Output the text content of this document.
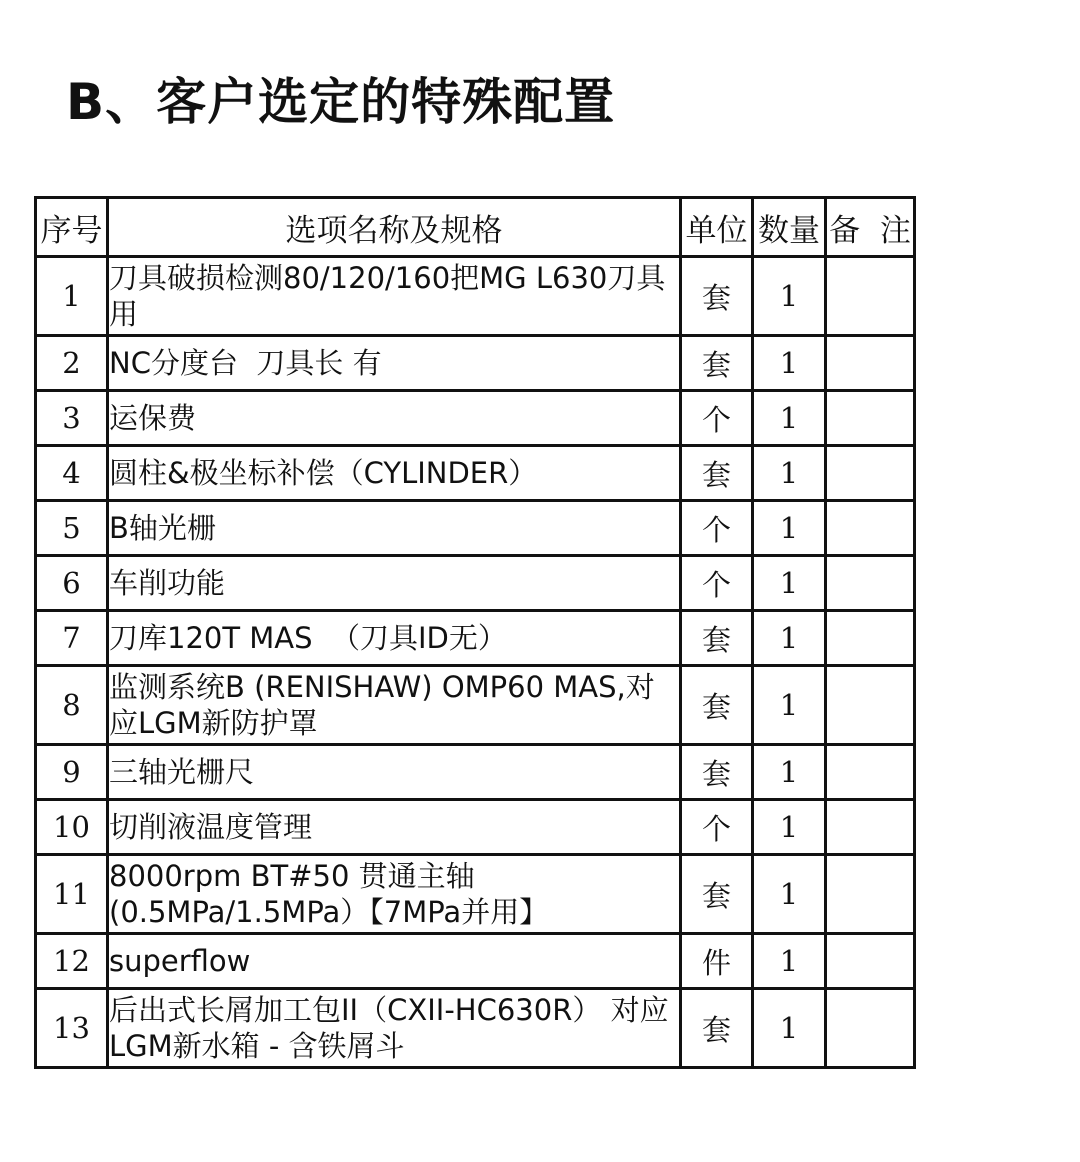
B、客户选定的特殊配置
序号	选项名称及规格	单位	数量	备  注
1	刀具破损检测80/120/160把MG L630刀具用	套	1	
2	NC分度台  刀具长 有	套	1	
3	运保费	个	1	
4	圆柱&极坐标补偿（CYLINDER）	套	1	
5	B轴光栅	个	1	
6	车削功能	个	1	
7	刀库120T MAS  （刀具ID无）	套	1	
8	监测系统B (RENISHAW) OMP60 MAS,对应LGM新防护罩	套	1	
9	三轴光栅尺	套	1	
10	切削液温度管理	个	1	
11	8000rpm BT#50 贯通主轴(0.5MPa/1.5MPa）【7MPa并用】	套	1	
12	superflow	件	1	
13	后出式长屑加工包II（CXII-HC630R） 对应LGM新水箱 - 含铁屑斗	套	1	
